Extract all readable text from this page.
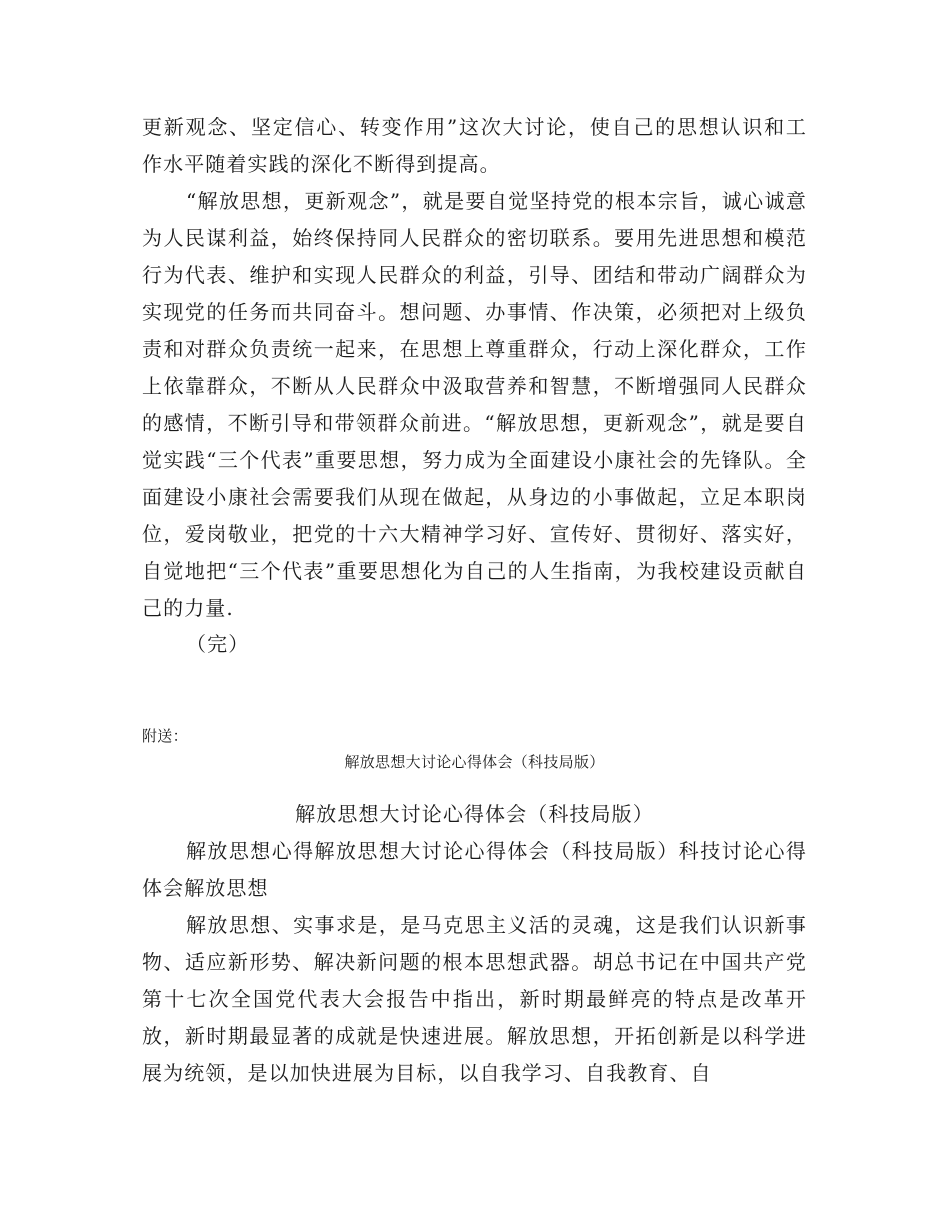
更新观念、坚定信心、转变作用”这次大讨论，使自己的思想认识和工作水平随着实践的深化不断得到提高。

“解放思想，更新观念”，就是要自觉坚持党的根本宗旨，诚心诚意为人民谋利益，始终保持同人民群众的密切联系。要用先进思想和模范行为代表、维护和实现人民群众的利益，引导、团结和带动广阔群众为实现党的任务而共同奋斗。想问题、办事情、作决策，必须把对上级负责和对群众负责统一起来，在思想上尊重群众，行动上深化群众，工作上依靠群众，不断从人民群众中汲取营养和智慧，不断增强同人民群众的感情，不断引导和带领群众前进。“解放思想，更新观念”，就是要自觉实践“三个代表”重要思想，努力成为全面建设小康社会的先锋队。全面建设小康社会需要我们从现在做起，从身边的小事做起，立足本职岗位，爱岗敬业，把党的十六大精神学习好、宣传好、贯彻好、落实好，自觉地把“三个代表”重要思想化为自己的人生指南，为我校建设贡献自己的力量.

（完）

附送：

解放思想大讨论心得体会（科技局版）

解放思想大讨论心得体会（科技局版）

解放思想心得解放思想大讨论心得体会（科技局版）科技讨论心得体会解放思想

解放思想、实事求是，是马克思主义活的灵魂，这是我们认识新事物、适应新形势、解决新问题的根本思想武器。胡总书记在中国共产党第十七次全国党代表大会报告中指出，新时期最鲜亮的特点是改革开放，新时期最显著的成就是快速进展。解放思想，开拓创新是以科学进展为统领，是以加快进展为目标，以自我学习、自我教育、自
